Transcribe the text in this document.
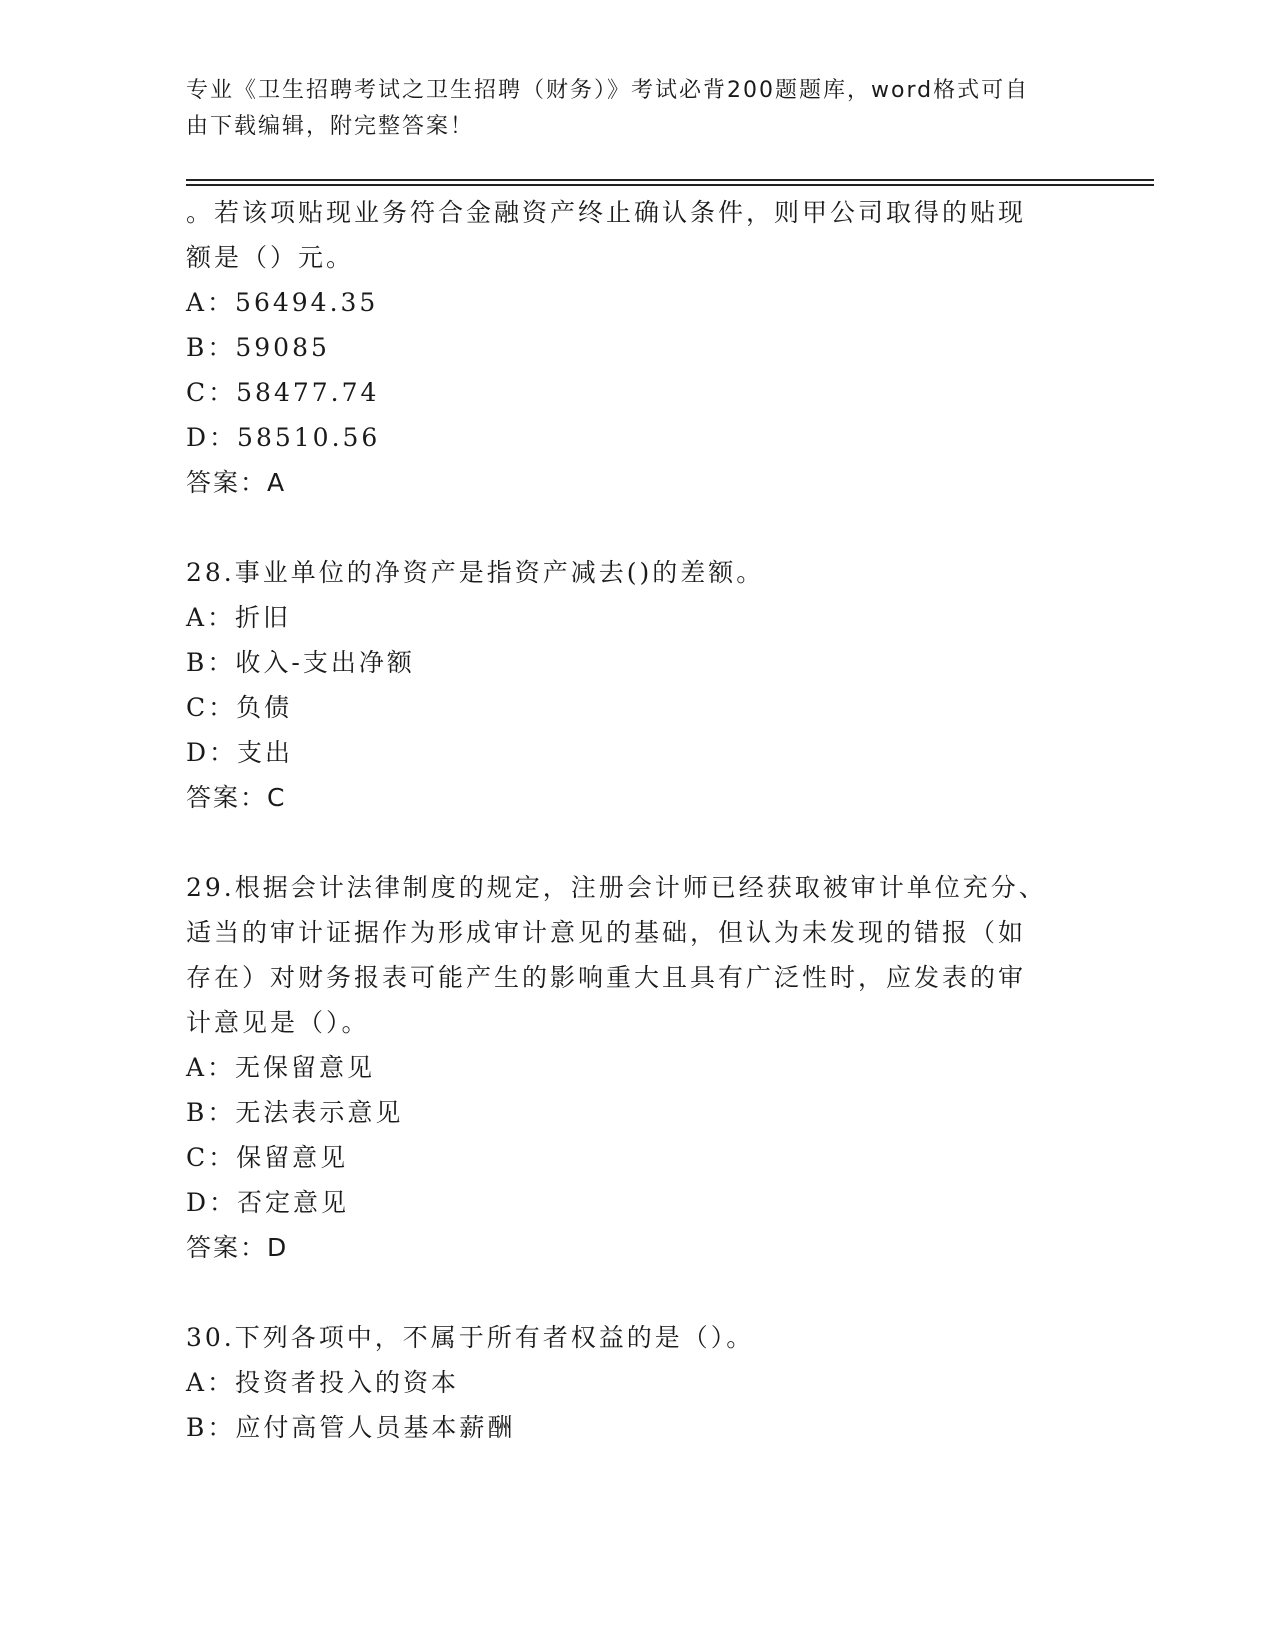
专业《卫生招聘考试之卫生招聘（财务）》考试必背200题题库，word格式可自
由下载编辑，附完整答案！
。若该项贴现业务符合金融资产终止确认条件，则甲公司取得的贴现
额是（）元。
A：56494.35
B：59085
C：58477.74
D：58510.56
答案：A
28.事业单位的净资产是指资产减去()的差额。
A：折旧
B：收入-支出净额
C：负债
D：支出
答案：C
29.根据会计法律制度的规定，注册会计师已经获取被审计单位充分、
适当的审计证据作为形成审计意见的基础，但认为未发现的错报（如
存在）对财务报表可能产生的影响重大且具有广泛性时，应发表的审
计意见是（）。
A：无保留意见
B：无法表示意见
C：保留意见
D：否定意见
答案：D
30.下列各项中，不属于所有者权益的是（）。
A：投资者投入的资本
B：应付高管人员基本薪酬
